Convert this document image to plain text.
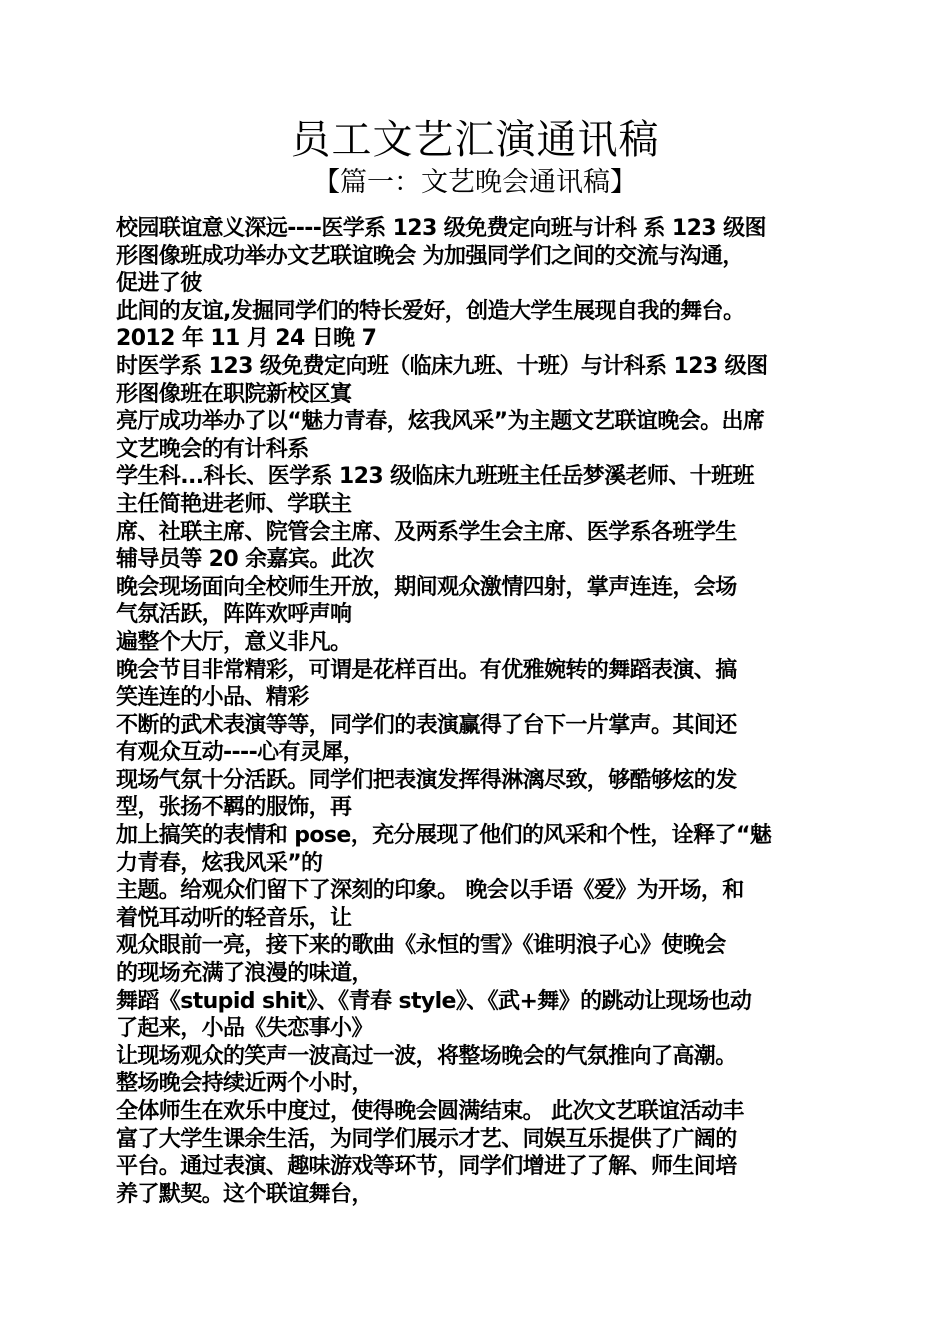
员工文艺汇演通讯稿
【篇一：文艺晚会通讯稿】
校园联谊意义深远----医学系 123 级免费定向班与计科 系 123 级图
形图像班成功举办文艺联谊晚会 为加强同学们之间的交流与沟通，
促进了彼
此间的友谊,发掘同学们的特长爱好，创造大学生展现自我的舞台。
2012 年 11 月 24 日晚 7
时医学系 123 级免费定向班（临床九班、十班）与计科系 123 级图
形图像班在职院新校区寘
亮厅成功举办了以“魅力青春，炫我风采”为主题文艺联谊晚会。出席
文艺晚会的有计科系
学生科...科长、医学系 123 级临床九班班主任岳梦溪老师、十班班
主任简艳进老师、学联主
席、社联主席、院管会主席、及两系学生会主席、医学系各班学生
辅导员等 20 余嘉宾。此次
晚会现场面向全校师生开放，期间观众激情四射，掌声连连，会场
气氛活跃，阵阵欢呼声响
遍整个大厅，意义非凡。
晚会节目非常精彩，可谓是花样百出。有优雅婉转的舞蹈表演、搞
笑连连的小品、精彩
不断的武术表演等等，同学们的表演赢得了台下一片掌声。其间还
有观众互动----心有灵犀，
现场气氛十分活跃。同学们把表演发挥得淋漓尽致，够酷够炫的发
型，张扬不羁的服饰，再
加上搞笑的表情和 pose，充分展现了他们的风采和个性，诠释了“魅
力青春，炫我风采”的
主题。给观众们留下了深刻的印象。 晚会以手语《爱》为开场，和
着悦耳动听的轻音乐，让
观众眼前一亮，接下来的歌曲《永恒的雪》《谁明浪子心》使晚会
的现场充满了浪漫的味道，
舞蹈《stupid shit》、《青春 style》、《武+舞》的跳动让现场也动
了起来，小品《失恋事小》
让现场观众的笑声一波高过一波，将整场晚会的气氛推向了高潮。
整场晚会持续近两个小时，
全体师生在欢乐中度过，使得晚会圆满结束。 此次文艺联谊活动丰
富了大学生课余生活，为同学们展示才艺、同娱互乐提供了广阔的
平台。通过表演、趣味游戏等环节，同学们增进了了解、师生间培
养了默契。这个联谊舞台，
